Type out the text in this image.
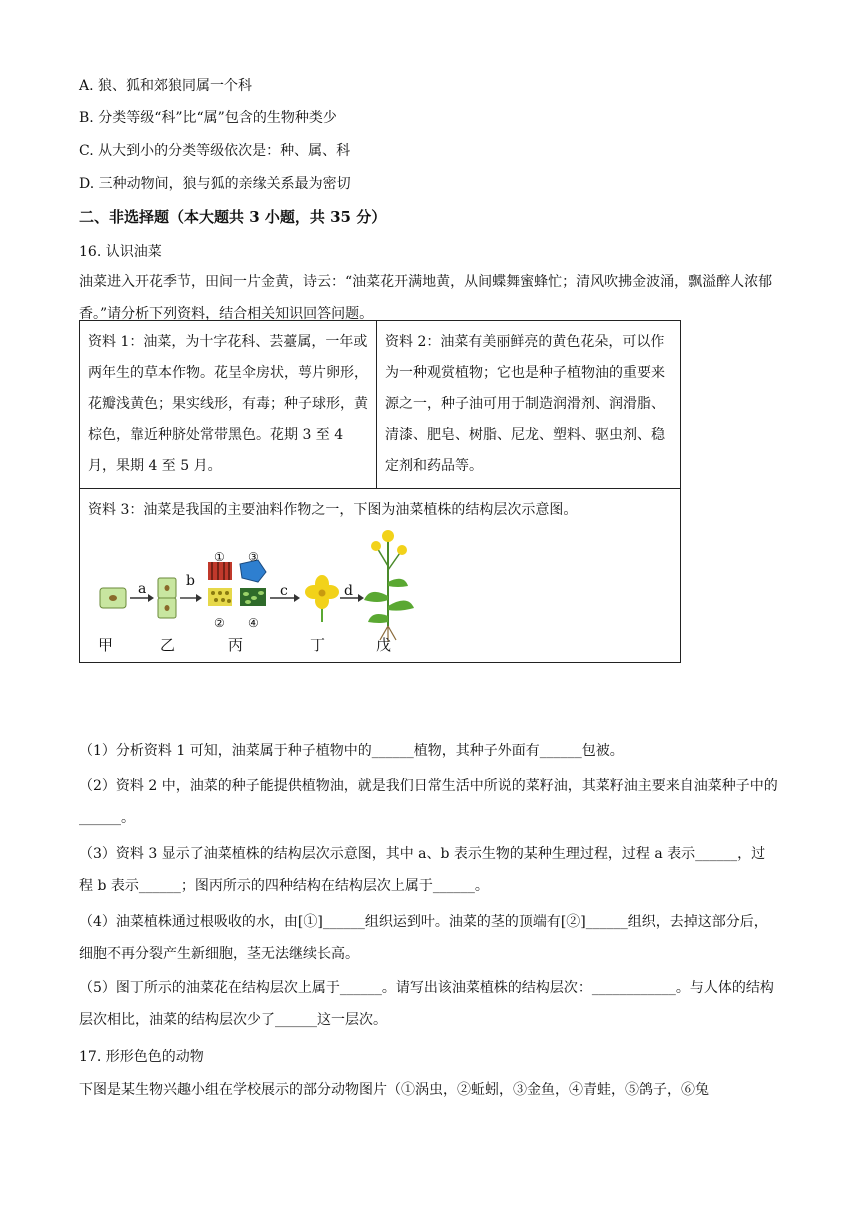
A. 狼、狐和郊狼同属一个科
B. 分类等级“科”比“属”包含的生物种类少
C. 从大到小的分类等级依次是：种、属、科
D. 三种动物间，狼与狐的亲缘关系最为密切
二、非选择题（本大题共 3 小题，共 35 分）
16. 认识油菜
油菜进入开花季节，田间一片金黄，诗云：“油菜花开满地黄，从间蝶舞蜜蜂忙；清风吹拂金波涌，飘溢醉人浓郁香。”请分析下列资料，结合相关知识回答问题。
资料 1：油菜，为十字花科、芸薹属，一年或两年生的草本作物。花呈伞房状，萼片卵形，花瓣浅黄色；果实线形，有毒；种子球形，黄棕色，靠近种脐处常带黑色。花期 3 至 4 月，果期 4 至 5 月。	资料 2：油菜有美丽鲜亮的黄色花朵，可以作为一种观赏植物；它也是种子植物油的重要来源之一，种子油可用于制造润滑剂、润滑脂、清漆、肥皂、树脂、尼龙、塑料、驱虫剂、稳定剂和药品等。

资料 3：油菜是我国的主要油料作物之一，下图为油菜植株的结构层次示意图。
a	b
c	d
①
②
③
④
甲	乙	丙	丁	戊
（1）分析资料 1 可知，油菜属于种子植物中的______植物，其种子外面有______包被。
（2）资料 2 中，油菜的种子能提供植物油，就是我们日常生活中所说的菜籽油，其菜籽油主要来自油菜种子中的______。
（3）资料 3 显示了油菜植株的结构层次示意图，其中 a、b 表示生物的某种生理过程，过程 a 表示______，过程 b 表示______；图丙所示的四种结构在结构层次上属于______。
（4）油菜植株通过根吸收的水，由[①]______组织运到叶。油菜的茎的顶端有[②]______组织，去掉这部分后，细胞不再分裂产生新细胞，茎无法继续长高。
（5）图丁所示的油菜花在结构层次上属于______。请写出该油菜植株的结构层次：____________。与人体的结构层次相比，油菜的结构层次少了______这一层次。
17. 形形色色的动物
下图是某生物兴趣小组在学校展示的部分动物图片（①涡虫，②蚯蚓，③金鱼，④青蛙，⑤鸽子，⑥兔
